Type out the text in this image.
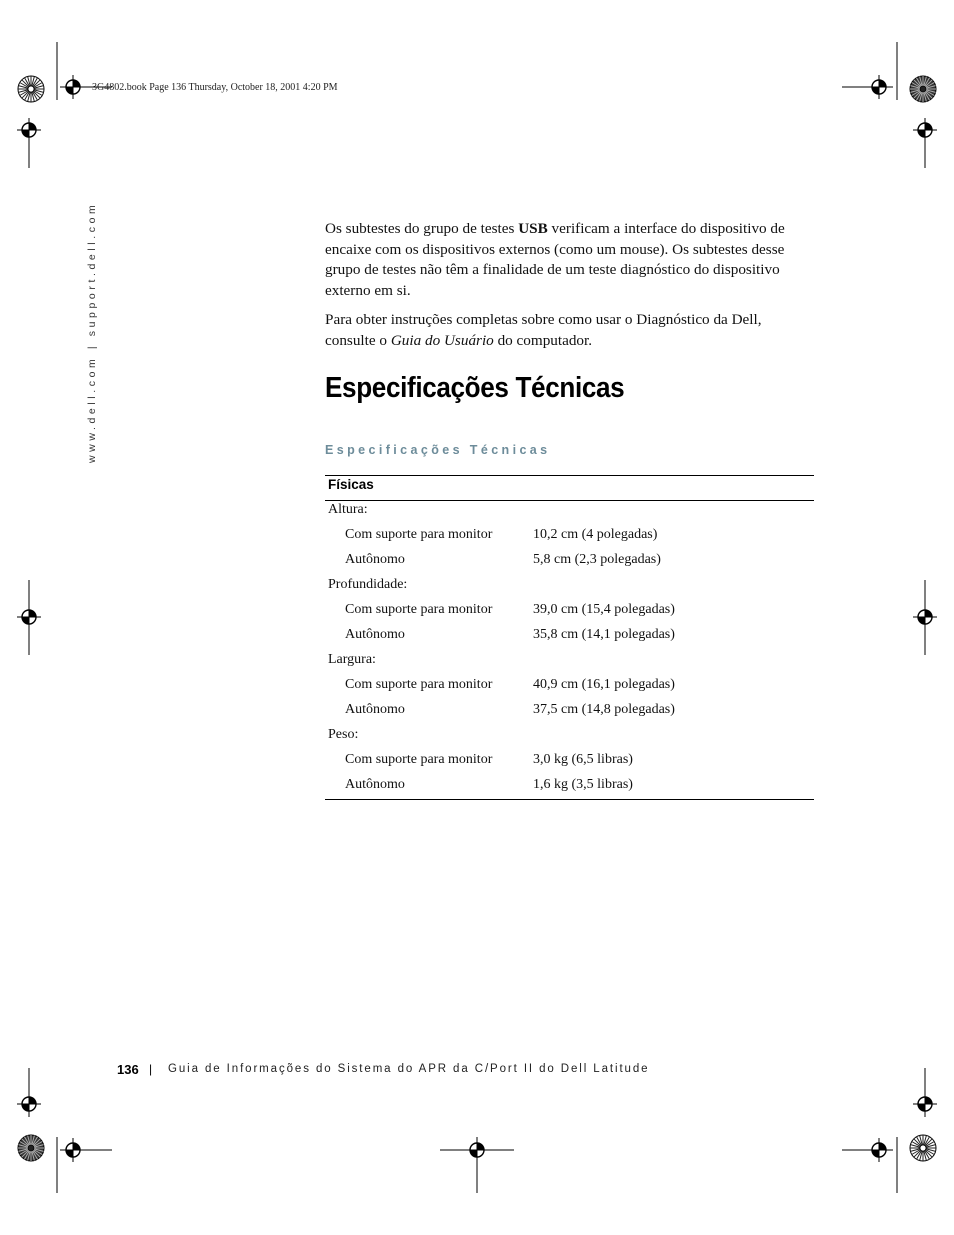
3G4802.book Page 136 Thursday, October 18, 2001 4:20 PM
www.dell.com | support.dell.com	Os subtestes do grupo de testes USB verificam a interface do dispositivo de encaixe com os dispositivos externos (como um mouse). Os subtestes desse grupo de testes não têm a finalidade de um teste diagnóstico do dispositivo externo em si.
Para obter instruções completas sobre como usar o Diagnóstico da Dell, consulte o Guia do Usuário do computador.
Especificações Técnicas
Especificações Técnicas
Físicas
Altura:
Com suporte para monitor	10,2 cm (4 polegadas)
Autônomo	5,8 cm (2,3 polegadas)
Profundidade:
Com suporte para monitor	39,0 cm (15,4 polegadas)
Autônomo	35,8 cm (14,1 polegadas)
Largura:
Com suporte para monitor	40,9 cm (16,1 polegadas)
Autônomo	37,5 cm (14,8 polegadas)
Peso:
Com suporte para monitor	3,0 kg (6,5 libras)
Autônomo	1,6 kg (3,5 libras)
136 | Guia de Informações do Sistema do APR da C/Port II do Dell Latitude
